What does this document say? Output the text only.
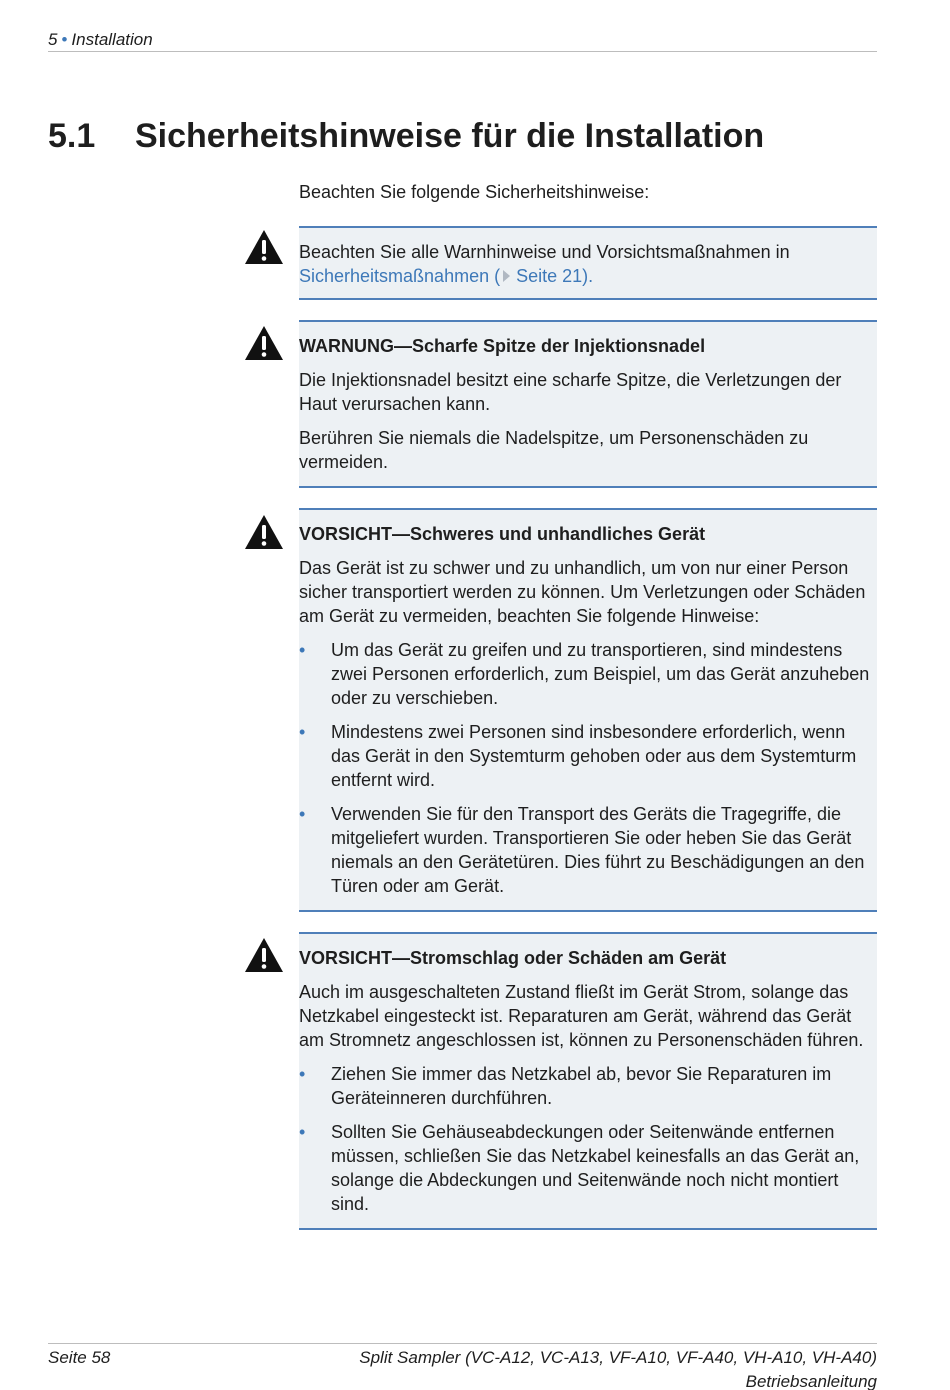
5 • Installation
5.1	Sicherheitshinweise für die Installation

Beachten Sie folgende Sicherheitshinweise:

Beachten Sie alle Warnhinweise und Vorsichtsmaßnahmen in
Sicherheitsmaßnahmen ( Seite 21).

WARNUNG—Scharfe Spitze der Injektionsnadel

Die Injektionsnadel besitzt eine scharfe Spitze, die Verletzungen der Haut verursachen kann.

Berühren Sie niemals die Nadelspitze, um Personenschäden zu vermeiden.

VORSICHT—Schweres und unhandliches Gerät

Das Gerät ist zu schwer und zu unhandlich, um von nur einer Person sicher transportiert werden zu können. Um Verletzungen oder Schäden am Gerät zu vermeiden, beachten Sie folgende Hinweise:

• Um das Gerät zu greifen und zu transportieren, sind mindestens zwei Personen erforderlich, zum Beispiel, um das Gerät anzuheben oder zu verschieben.
• Mindestens zwei Personen sind insbesondere erforderlich, wenn das Gerät in den Systemturm gehoben oder aus dem Systemturm entfernt wird.
• Verwenden Sie für den Transport des Geräts die Tragegriffe, die mitgeliefert wurden. Transportieren Sie oder heben Sie das Gerät niemals an den Gerätetüren. Dies führt zu Beschädigungen an den Türen oder am Gerät.

VORSICHT—Stromschlag oder Schäden am Gerät

Auch im ausgeschalteten Zustand fließt im Gerät Strom, solange das Netzkabel eingesteckt ist. Reparaturen am Gerät, während das Gerät am Stromnetz angeschlossen ist, können zu Personenschäden führen.

• Ziehen Sie immer das Netzkabel ab, bevor Sie Reparaturen im Geräteinneren durchführen.
• Sollten Sie Gehäuseabdeckungen oder Seitenwände entfernen müssen, schließen Sie das Netzkabel keinesfalls an das Gerät an, solange die Abdeckungen und Seitenwände noch nicht montiert sind.
Seite 58	Split Sampler (VC-A12, VC-A13, VF-A10, VF-A40, VH-A10, VH-A40)
Betriebsanleitung
